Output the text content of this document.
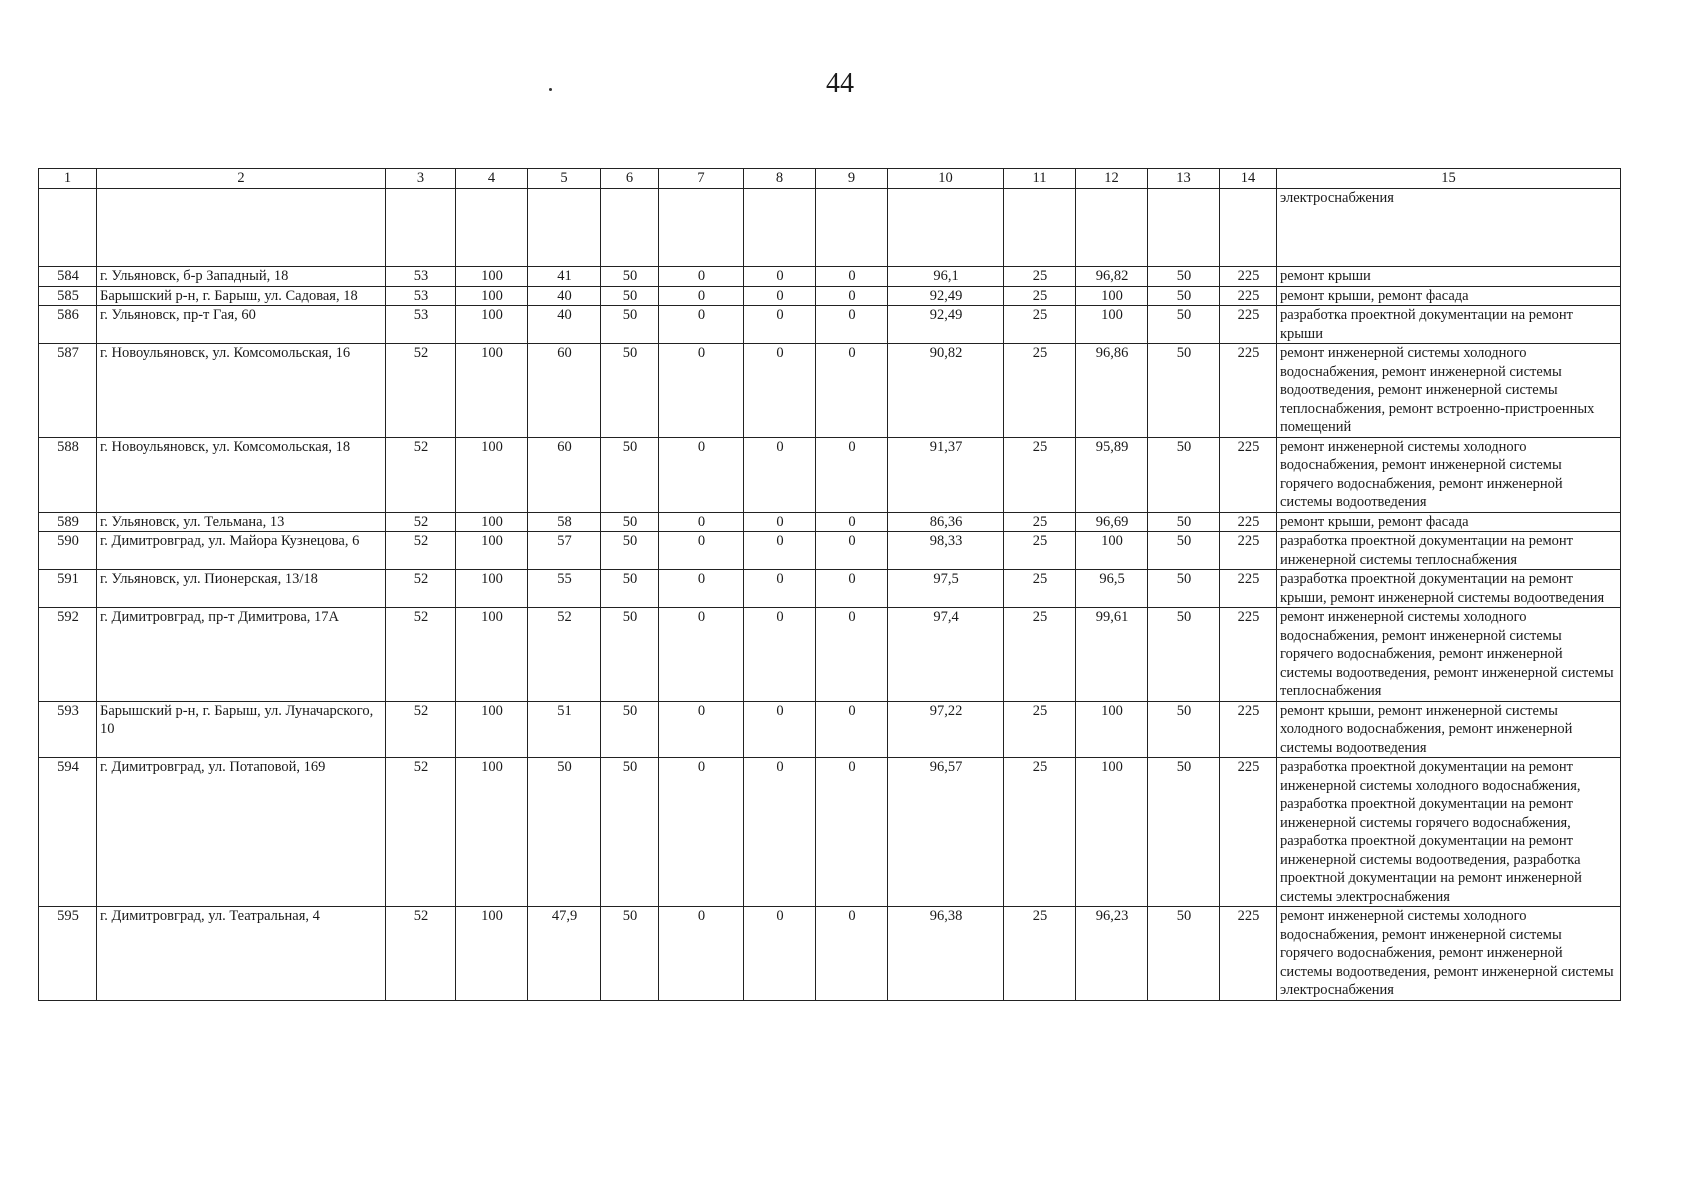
44
1	2	3	4	5	6	7	8	9	10	11	12	13	14	15
														электроснабжения
584	г. Ульяновск, б-р Западный, 18	53	100	41	50	0	0	0	96,1	25	96,82	50	225	ремонт крыши
585	Барышский р-н, г. Барыш, ул. Садовая, 18	53	100	40	50	0	0	0	92,49	25	100	50	225	ремонт крыши, ремонт фасада
586	г. Ульяновск, пр-т Гая, 60	53	100	40	50	0	0	0	92,49	25	100	50	225	разработка проектной документации на ремонт крыши
587	г. Новоульяновск, ул. Комсомольская, 16	52	100	60	50	0	0	0	90,82	25	96,86	50	225	ремонт инженерной системы холодного водоснабжения, ремонт инженерной системы водоотведения, ремонт инженерной системы теплоснабжения, ремонт встроенно-пристроенных помещений
588	г. Новоульяновск, ул. Комсомольская, 18	52	100	60	50	0	0	0	91,37	25	95,89	50	225	ремонт инженерной системы холодного водоснабжения, ремонт инженерной системы горячего водоснабжения, ремонт инженерной системы водоотведения
589	г. Ульяновск, ул. Тельмана, 13	52	100	58	50	0	0	0	86,36	25	96,69	50	225	ремонт крыши, ремонт фасада
590	г. Димитровград, ул. Майора Кузнецова, 6	52	100	57	50	0	0	0	98,33	25	100	50	225	разработка проектной документации на ремонт инженерной системы теплоснабжения
591	г. Ульяновск, ул. Пионерская, 13/18	52	100	55	50	0	0	0	97,5	25	96,5	50	225	разработка проектной документации на ремонт крыши, ремонт инженерной системы водоотведения
592	г. Димитровград, пр-т Димитрова, 17А	52	100	52	50	0	0	0	97,4	25	99,61	50	225	ремонт инженерной системы холодного водоснабжения, ремонт инженерной системы горячего водоснабжения, ремонт инженерной системы водоотведения, ремонт инженерной системы теплоснабжения
593	Барышский р-н, г. Барыш, ул. Луначарского, 10	52	100	51	50	0	0	0	97,22	25	100	50	225	ремонт крыши, ремонт инженерной системы холодного водоснабжения, ремонт инженерной системы водоотведения
594	г. Димитровград, ул. Потаповой, 169	52	100	50	50	0	0	0	96,57	25	100	50	225	разработка проектной документации на ремонт инженерной системы холодного водоснабжения, разработка проектной документации на ремонт инженерной системы горячего водоснабжения, разработка проектной документации на ремонт инженерной системы водоотведения, разработка проектной документации на ремонт инженерной системы электроснабжения
595	г. Димитровград, ул. Театральная, 4	52	100	47,9	50	0	0	0	96,38	25	96,23	50	225	ремонт инженерной системы холодного водоснабжения, ремонт инженерной системы горячего водоснабжения, ремонт инженерной системы водоотведения, ремонт инженерной системы электроснабжения
